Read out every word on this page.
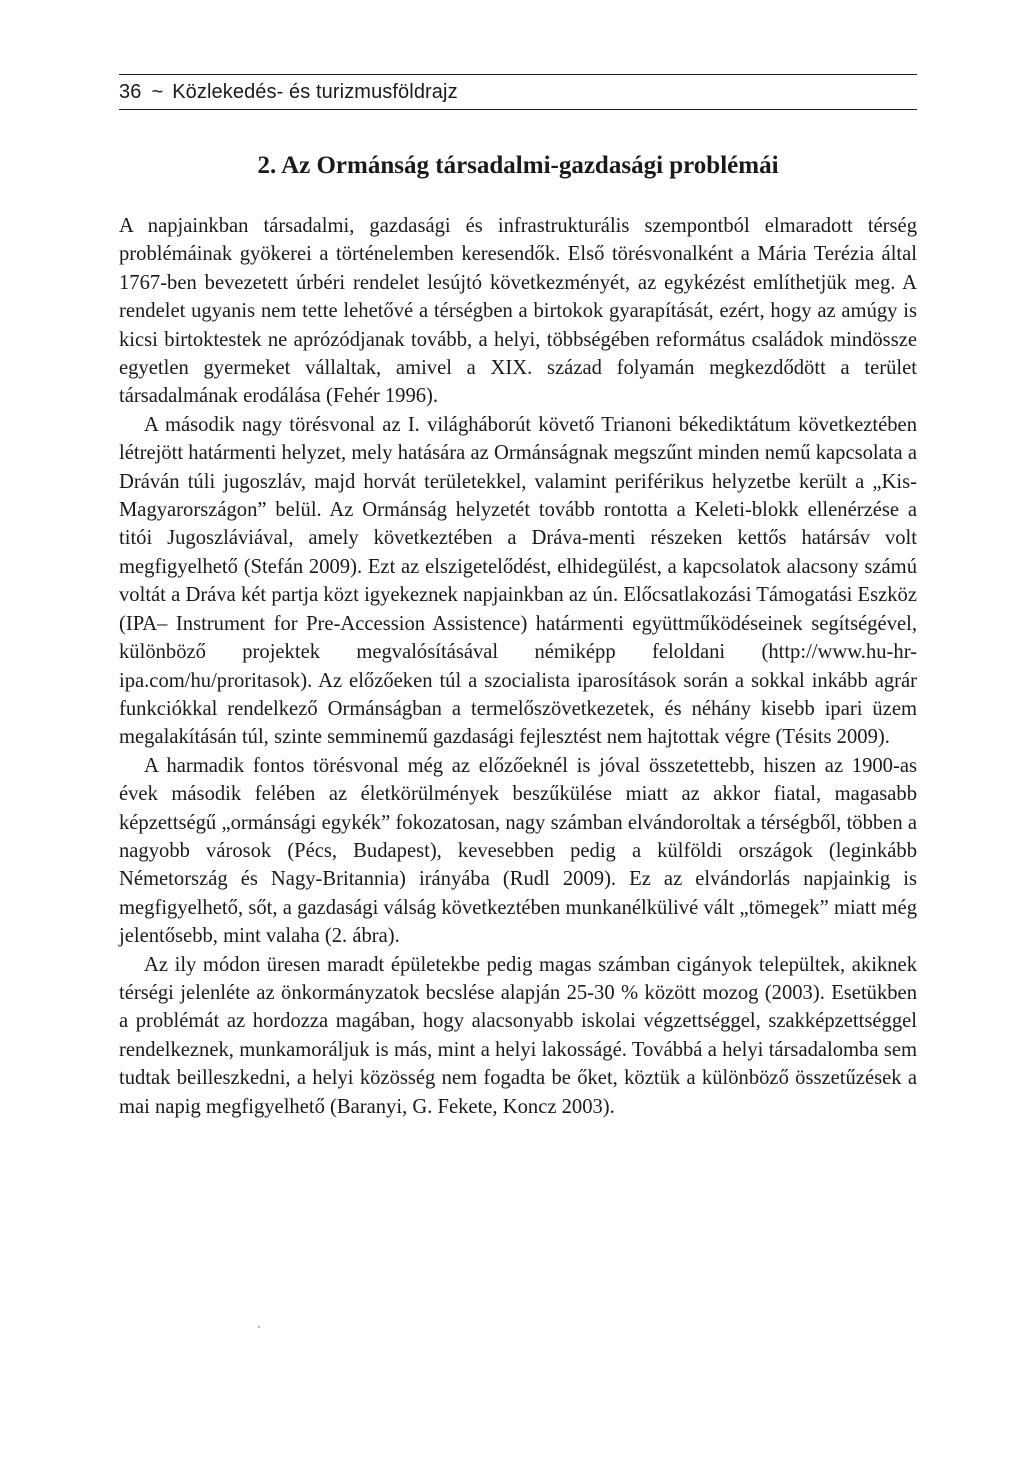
36 ~ Közlekedés- és turizmusföldrajz
2. Az Ormánság társadalmi-gazdasági problémái

A napjainkban társadalmi, gazdasági és infrastrukturális szempontból elmaradott térség problémáinak gyökerei a történelemben keresendők. Első törésvonalként a Mária Terézia által 1767-ben bevezetett úrbéri rendelet lesújtó következményét, az egykézést említhetjük meg. A rendelet ugyanis nem tette lehetővé a térségben a birtokok gyarapítását, ezért, hogy az amúgy is kicsi birtoktestek ne aprózódjanak tovább, a helyi, többségében református családok mindössze egyetlen gyermeket vállaltak, amivel a XIX. század folyamán megkezdődött a terület társadalmának erodálása (Fehér 1996).

A második nagy törésvonal az I. világháborút követő Trianoni békediktátum következtében létrejött határmenti helyzet, mely hatására az Ormánságnak megszűnt minden nemű kapcsolata a Dráván túli jugoszláv, majd horvát területekkel, valamint periférikus helyzetbe került a „Kis-Magyarországon” belül. Az Ormánság helyzetét tovább rontotta a Keleti-blokk ellenérzése a titói Jugoszláviával, amely következtében a Dráva-menti részeken kettős határsáv volt megfigyelhető (Stefán 2009). Ezt az elszigetelődést, elhidegülést, a kapcsolatok alacsony számú voltát a Dráva két partja közt igyekeznek napjainkban az ún. Előcsatlakozási Támogatási Eszköz (IPA– Instrument for Pre-Accession Assistence) határmenti együttműködéseinek segítségével, különböző projektek megvalósításával némiképp feloldani (http://www.hu-hr-ipa.com/hu/proritasok). Az előzőeken túl a szocialista iparosítások során a sokkal inkább agrár funkciókkal rendelkező Ormánságban a termelőszövetkezetek, és néhány kisebb ipari üzem megalakításán túl, szinte semminemű gazdasági fejlesztést nem hajtottak végre (Tésits 2009).

A harmadik fontos törésvonal még az előzőeknél is jóval összetettebb, hiszen az 1900-as évek második felében az életkörülmények beszűkülése miatt az akkor fiatal, magasabb képzettségű „ormánsági egykék” fokozatosan, nagy számban elvándoroltak a térségből, többen a nagyobb városok (Pécs, Budapest), kevesebben pedig a külföldi országok (leginkább Németország és Nagy-Britannia) irányába (Rudl 2009). Ez az elvándorlás napjainkig is megfigyelhető, sőt, a gazdasági válság következtében munkanélkülivé vált „tömegek” miatt még jelentősebb, mint valaha (2. ábra).

Az ily módon üresen maradt épületekbe pedig magas számban cigányok települtek, akiknek térségi jelenléte az önkormányzatok becslése alapján 25-30 % között mozog (2003). Esetükben a problémát az hordozza magában, hogy alacsonyabb iskolai végzettséggel, szakképzettséggel rendelkeznek, munkamoráljuk is más, mint a helyi lakosságé. Továbbá a helyi társadalomba sem tudtak beilleszkedni, a helyi közösség nem fogadta be őket, köztük a különböző összetűzések a mai napig megfigyelhető (Baranyi, G. Fekete, Koncz 2003).
